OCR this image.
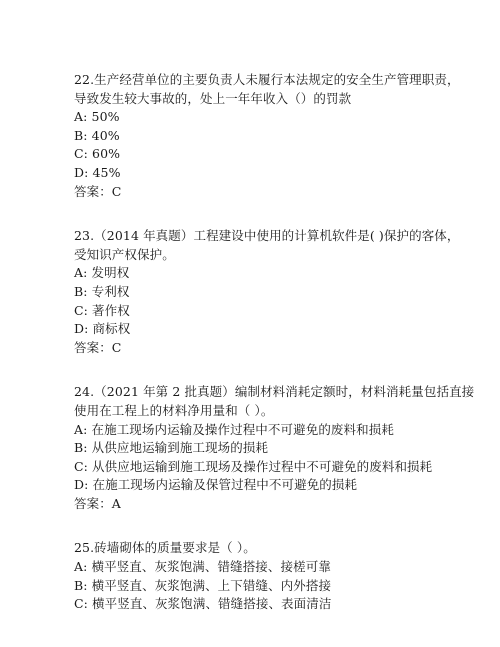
22.生产经营单位的主要负责人未履行本法规定的安全生产管理职责，
导致发生较大事故的，处上一年年收入（）的罚款
A: 50%
B: 40%
C: 60%
D: 45%
答案：C
23.（2014 年真题）工程建设中使用的计算机软件是( )保护的客体，
受知识产权保护。
A: 发明权
B: 专利权
C: 著作权
D: 商标权
答案：C
24.（2021 年第 2 批真题）编制材料消耗定额时，材料消耗量包括直接
使用在工程上的材料净用量和（ ）。
A: 在施工现场内运输及操作过程中不可避免的废料和损耗
B: 从供应地运输到施工现场的损耗
C: 从供应地运输到施工现场及操作过程中不可避免的废料和损耗
D: 在施工现场内运输及保管过程中不可避免的损耗
答案：A
25.砖墙砌体的质量要求是（ ）。
A: 横平竖直、灰浆饱满、错缝搭接、接槎可靠
B: 横平竖直、灰浆饱满、上下错缝、内外搭接
C: 横平竖直、灰浆饱满、错缝搭接、表面清洁
